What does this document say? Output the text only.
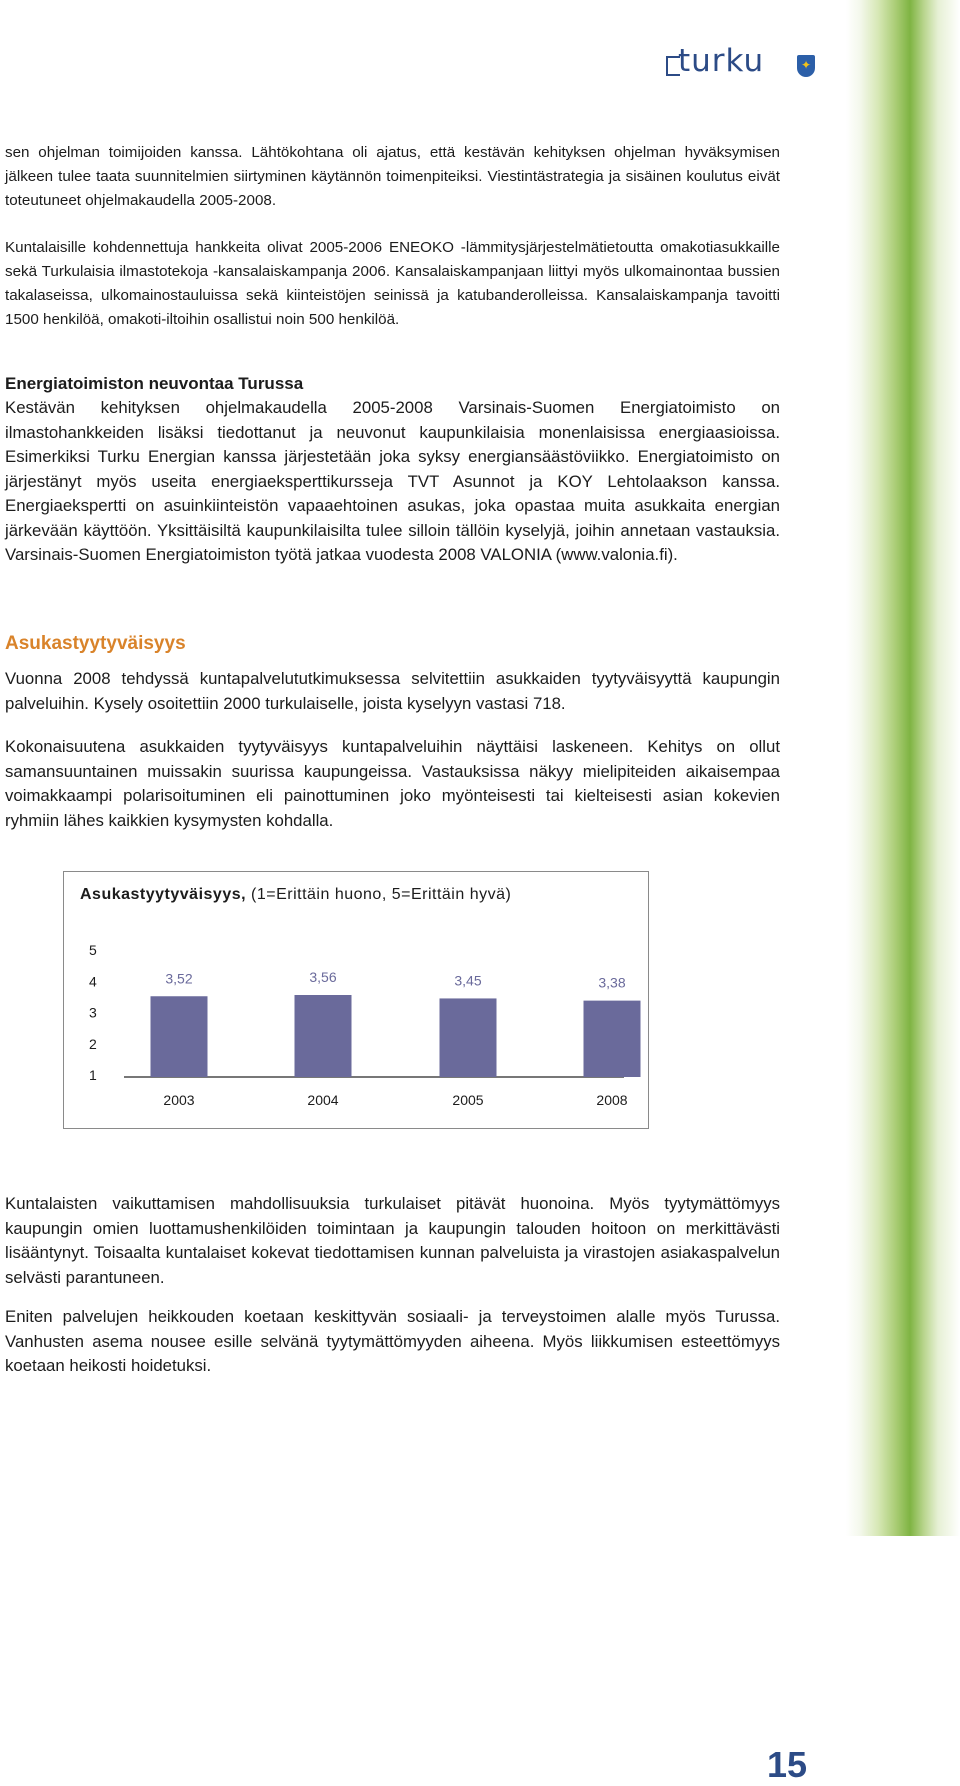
turku	✦

sen ohjelman toimijoiden kanssa. Lähtökohtana oli ajatus, että kestävän kehityksen ohjelman hyväksymisen jälkeen tulee taata suunnitelmien siirtyminen käytännön toimenpiteiksi. Viestintästrategia ja sisäinen koulutus eivät toteutuneet ohjelmakaudella 2005-2008.

Kuntalaisille kohdennettuja hankkeita olivat 2005-2006 ENEOKO -lämmitysjärjestelmätietoutta omakotiasukkaille sekä Turkulaisia ilmastotekoja -kansalaiskampanja 2006. Kansalaiskampanjaan liittyi myös ulkomainontaa bussien takalaseissa, ulkomainostauluissa sekä kiinteistöjen seinissä ja katubanderolleissa. Kansalaiskampanja tavoitti 1500 henkilöä, omakoti-iltoihin osallistui noin 500 henkilöä.

Energiatoimiston neuvontaa Turussa

Kestävän kehityksen ohjelmakaudella 2005-2008 Varsinais-Suomen Energiatoimisto on ilmastohankkeiden lisäksi tiedottanut ja neuvonut kaupunkilaisia monenlaisissa energiaasioissa. Esimerkiksi Turku Energian kanssa järjestetään joka syksy energiansäästöviikko. Energiatoimisto on järjestänyt myös useita energiaeksperttikursseja TVT Asunnot ja KOY Lehtolaakson kanssa. Energiaekspertti on asuinkiinteistön vapaaehtoinen asukas, joka opastaa muita asukkaita energian järkevään käyttöön. Yksittäisiltä kaupunkilaisilta tulee silloin tällöin kyselyjä, joihin annetaan vastauksia. Varsinais-Suomen Energiatoimiston työtä jatkaa vuodesta 2008 VALONIA (www.valonia.fi).

Asukastyytyväisyys

Vuonna 2008 tehdyssä kuntapalvelututkimuksessa selvitettiin asukkaiden tyytyväisyyttä kaupungin palveluihin. Kysely osoitettiin 2000 turkulaiselle, joista kyselyyn vastasi 718.

Kokonaisuutena asukkaiden tyytyväisyys kuntapalveluihin näyttäisi laskeneen. Kehitys on ollut samansuuntainen muissakin suurissa kaupungeissa. Vastauksissa näkyy mielipiteiden aikaisempaa voimakkaampi polarisoituminen eli painottuminen joko myönteisesti tai kielteisesti asian kokevien ryhmiin lähes kaikkien kysymysten kohdalla.

Asukastyytyväisyys, (1=Erittäin huono, 5=Erittäin hyvä)

5
4
3
2
1
3,52
2003
3,56
2004
3,45
2005
3,38
2008

Kuntalaisten vaikuttamisen mahdollisuuksia turkulaiset pitävät huonoina. Myös tyytymättömyys kaupungin omien luottamushenkilöiden toimintaan ja kaupungin talouden hoitoon on merkittävästi lisääntynyt. Toisaalta kuntalaiset kokevat tiedottamisen kunnan palveluista ja virastojen asiakaspalvelun selvästi parantuneen.

Eniten palvelujen heikkouden koetaan keskittyvän sosiaali- ja terveystoimen alalle myös Turussa. Vanhusten asema nousee esille selvänä tyytymättömyyden aiheena. Myös liikkumisen esteettömyys koetaan heikosti hoidetuksi.

15
